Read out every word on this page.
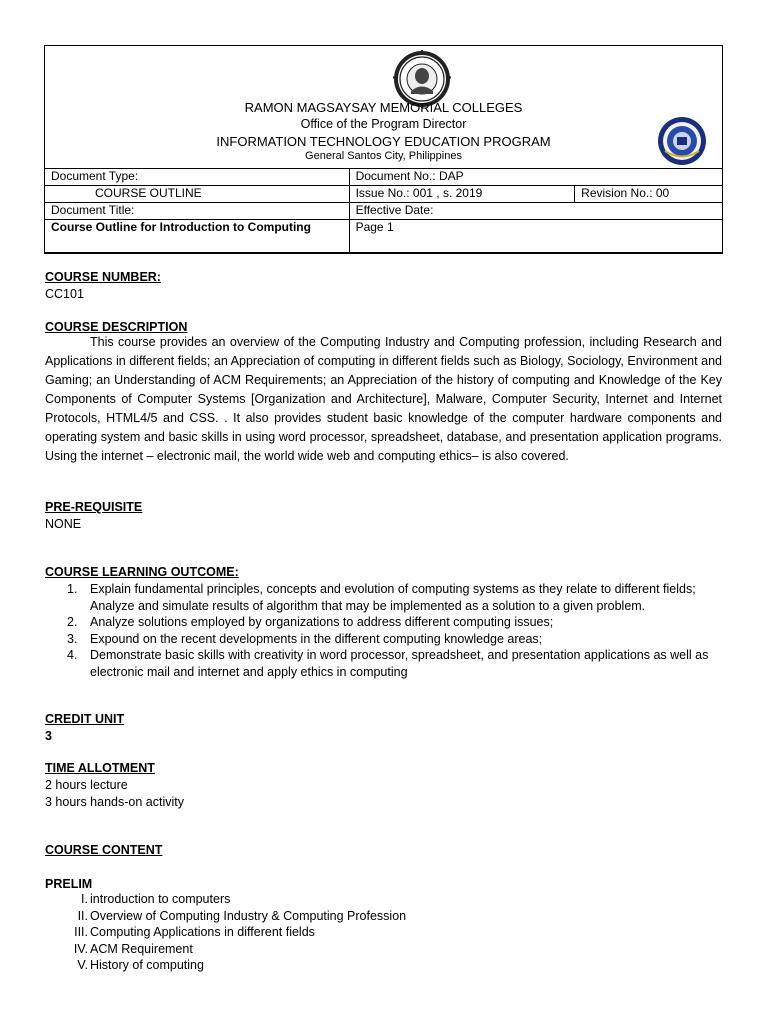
RAMON MAGSAYSAY MEMORIAL COLLEGES
Office of the Program Director
INFORMATION TECHNOLOGY EDUCATION PROGRAM
General Santos City, Philippines
Document Type:	Document No.: DAP	
COURSE OUTLINE	Issue No.: 001 , s. 2019	Revision No.: 00
Document Title:	Effective Date:	
Course Outline for Introduction to Computing	Page 1	
COURSE NUMBER:
CC101
COURSE DESCRIPTION
This course provides an overview of the Computing Industry and Computing profession, including Research and Applications in different fields; an Appreciation of computing in different fields such as Biology, Sociology, Environment and Gaming; an Understanding of ACM Requirements; an Appreciation of the history of computing and Knowledge of the Key Components of Computer Systems [Organization and Architecture], Malware, Computer Security, Internet and Internet Protocols, HTML4/5 and CSS. . It also provides student basic knowledge of the computer hardware components and operating system and basic skills in using word processor, spreadsheet, database, and presentation application programs. Using the internet – electronic mail, the world wide web and computing ethics– is also covered.
PRE-REQUISITE
NONE
COURSE LEARNING OUTCOME:
1. Explain fundamental principles, concepts and evolution of computing systems as they relate to different fields; Analyze and simulate results of algorithm that may be implemented as a solution to a given problem.
2. Analyze solutions employed by organizations to address different computing issues;
3. Expound on the recent developments in the different computing knowledge areas;
4. Demonstrate basic skills with creativity in word processor, spreadsheet, and presentation applications as well as electronic mail and internet and apply ethics in computing
CREDIT UNIT
3
TIME ALLOTMENT
2 hours lecture
3 hours hands-on activity
COURSE CONTENT
PRELIM
I. introduction to computers
II. Overview of Computing Industry & Computing Profession
III. Computing Applications in different fields
IV. ACM Requirement
V. History of computing
